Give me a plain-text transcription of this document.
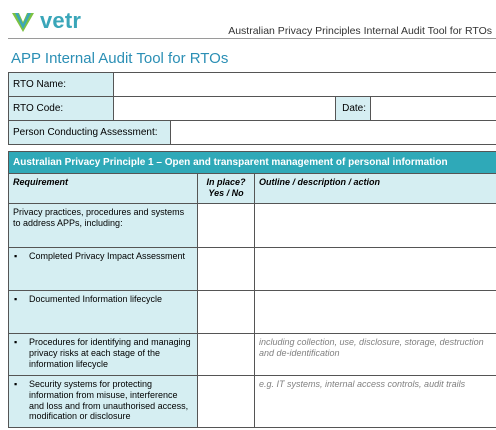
vetr	Australian Privacy Principles Internal Audit Tool for RTOs
APP Internal Audit Tool for RTOs
RTO Name:			
RTO Code:		Date:	
Person Conducting Assessment:	
Australian Privacy Principle 1 – Open and transparent management of personal information		
Requirement	In place? Yes / No	Outline / description / action
Privacy practices, procedures and systems to address APPs, including:		

▪ Completed Privacy Impact Assessment		

▪ Documented Information lifecycle		

▪ Procedures for identifying and managing privacy risks at each stage of the information lifecycle		including collection, use, disclosure, storage, destruction and de-identification

▪ Security systems for protecting information from misuse, interference and loss and from unauthorised access, modification or disclosure		e.g. IT systems, internal access controls, audit trails
